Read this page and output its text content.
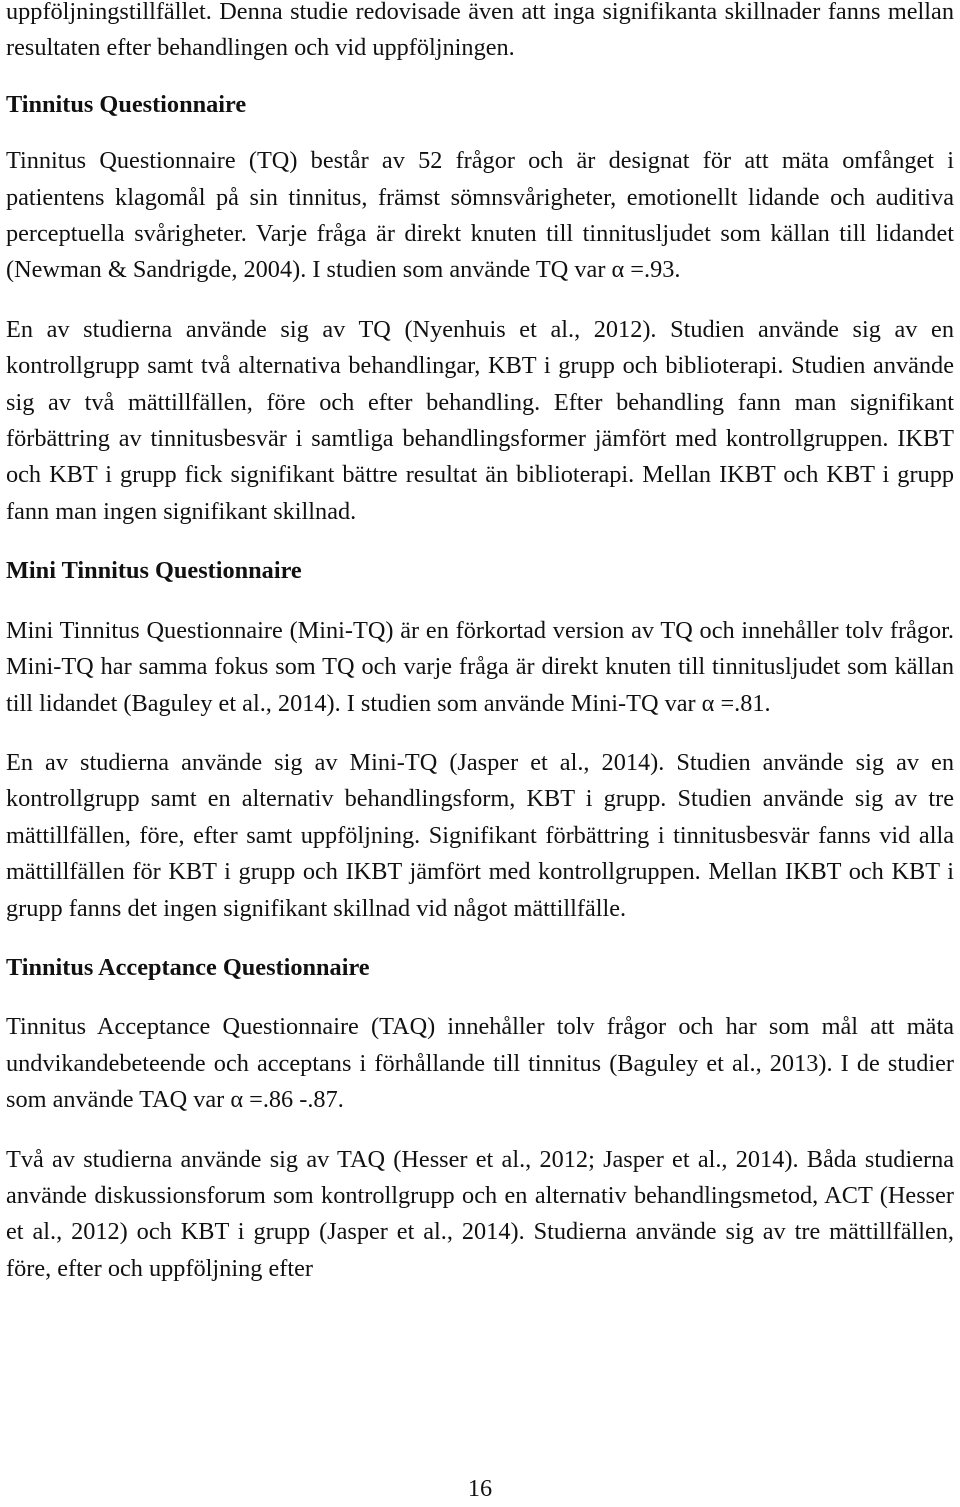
uppföljningstillfället. Denna studie redovisade även att inga signifikanta skillnader fanns mellan resultaten efter behandlingen och vid uppföljningen.

Tinnitus Questionnaire

Tinnitus Questionnaire (TQ) består av 52 frågor och är designat för att mäta omfånget i patientens klagomål på sin tinnitus, främst sömnsvårigheter, emotionellt lidande och auditiva perceptuella svårigheter. Varje fråga är direkt knuten till tinnitusljudet som källan till lidandet (Newman & Sandrigde, 2004). I studien som använde TQ var α =.93.

En av studierna använde sig av TQ (Nyenhuis et al., 2012). Studien använde sig av en kontrollgrupp samt två alternativa behandlingar, KBT i grupp och biblioterapi. Studien använde sig av två mättillfällen, före och efter behandling. Efter behandling fann man signifikant förbättring av tinnitusbesvär i samtliga behandlingsformer jämfört med kontrollgruppen. IKBT och KBT i grupp fick signifikant bättre resultat än biblioterapi. Mellan IKBT och KBT i grupp fann man ingen signifikant skillnad.

Mini Tinnitus Questionnaire

Mini Tinnitus Questionnaire (Mini-TQ) är en förkortad version av TQ och innehåller tolv frågor. Mini-TQ har samma fokus som TQ och varje fråga är direkt knuten till tinnitusljudet som källan till lidandet (Baguley et al., 2014). I studien som använde Mini-TQ var α =.81.

En av studierna använde sig av Mini-TQ (Jasper et al., 2014). Studien använde sig av en kontrollgrupp samt en alternativ behandlingsform, KBT i grupp. Studien använde sig av tre mättillfällen, före, efter samt uppföljning. Signifikant förbättring i tinnitusbesvär fanns vid alla mättillfällen för KBT i grupp och IKBT jämfört med kontrollgruppen. Mellan IKBT och KBT i grupp fanns det ingen signifikant skillnad vid något mättillfälle.

Tinnitus Acceptance Questionnaire

Tinnitus Acceptance Questionnaire (TAQ) innehåller tolv frågor och har som mål att mäta undvikandebeteende och acceptans i förhållande till tinnitus (Baguley et al., 2013). I de studier som använde TAQ var α =.86 -.87.

Två av studierna använde sig av TAQ (Hesser et al., 2012; Jasper et al., 2014). Båda studierna använde diskussionsforum som kontrollgrupp och en alternativ behandlingsmetod, ACT (Hesser et al., 2012) och KBT i grupp (Jasper et al., 2014). Studierna använde sig av tre mättillfällen, före, efter och uppföljning efter

16
